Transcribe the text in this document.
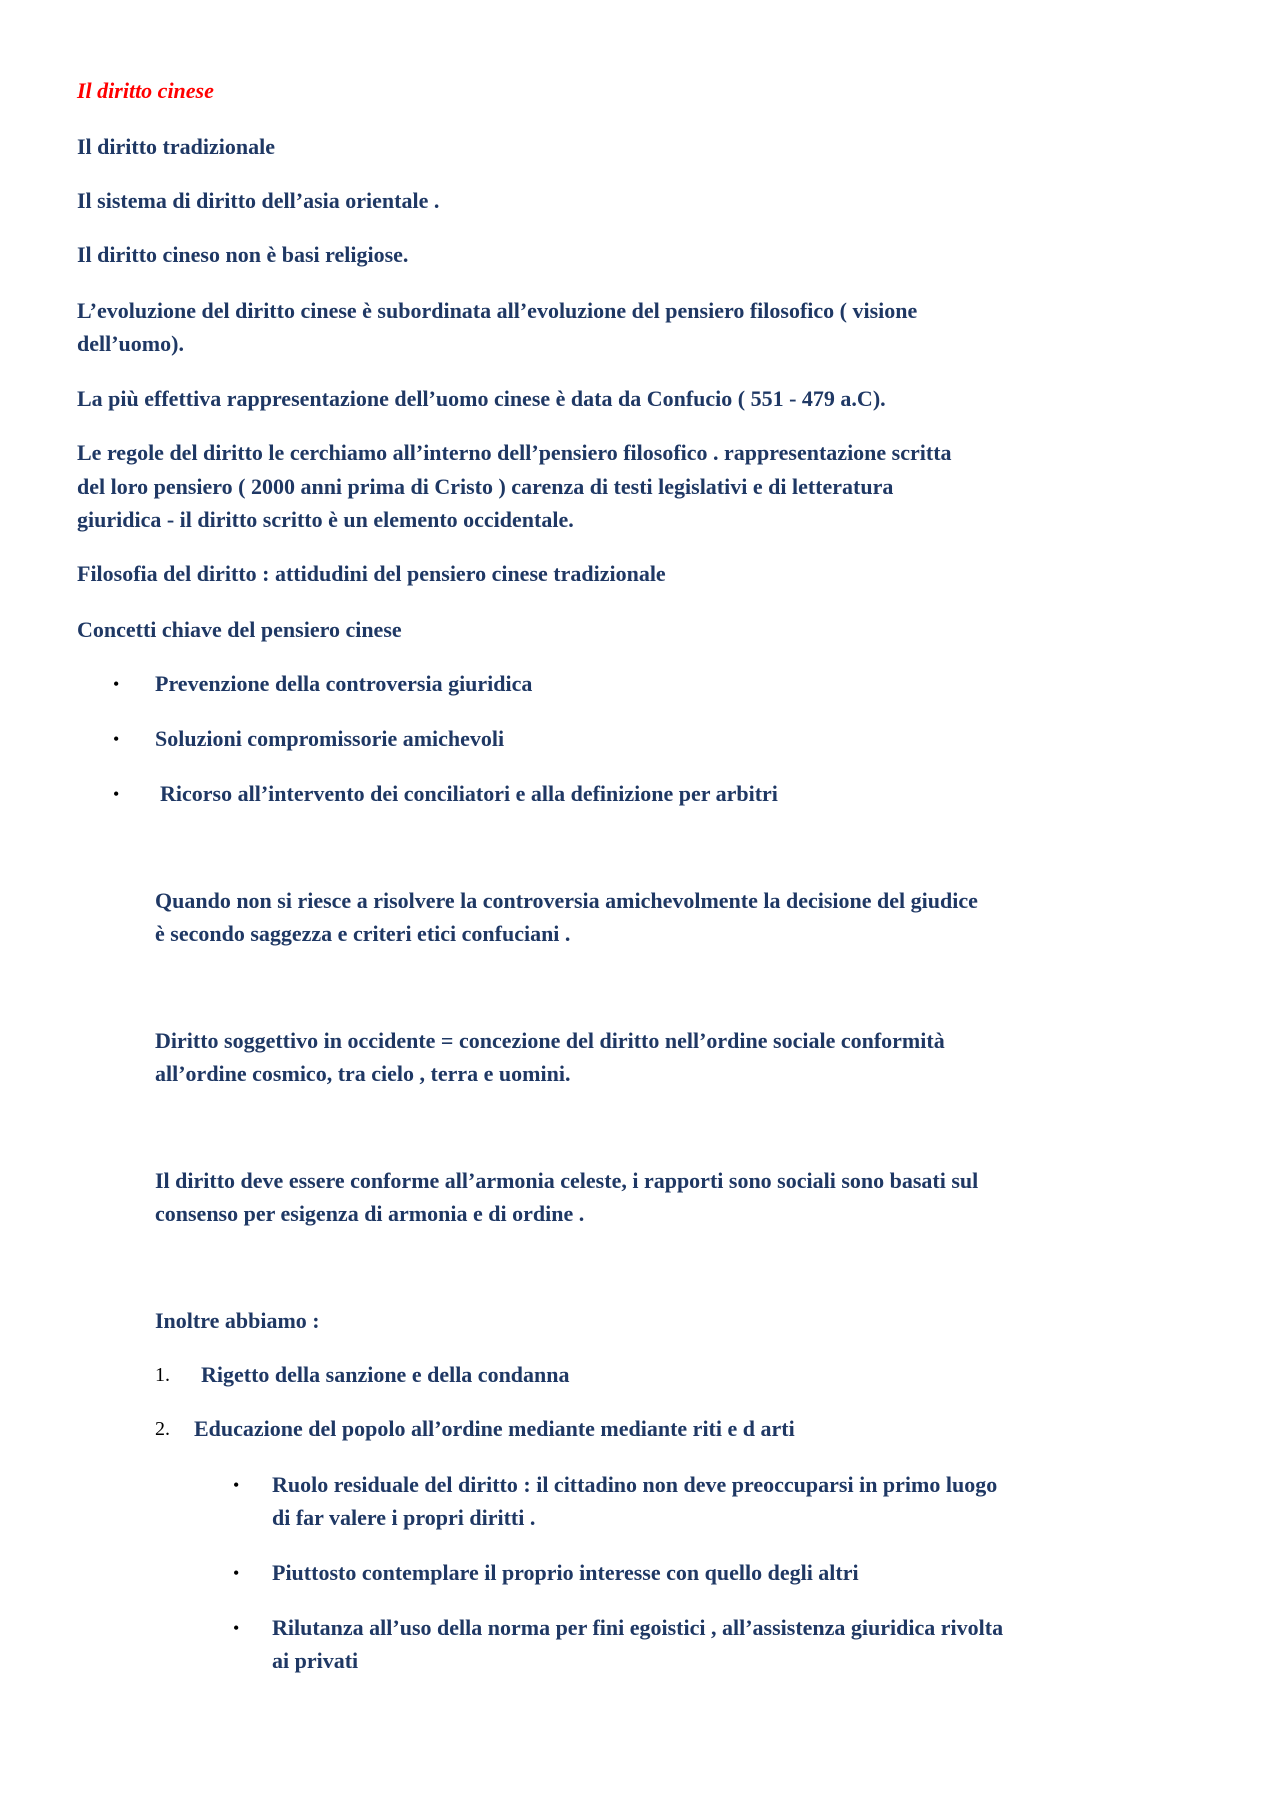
Il diritto cinese
Il diritto tradizionale
Il sistema di diritto dell’asia orientale .
Il diritto cineso non è basi religiose.
L’evoluzione del diritto cinese è subordinata all’evoluzione del pensiero filosofico ( visione
dell’uomo).
La più effettiva rappresentazione dell’uomo cinese è data da Confucio ( 551 - 479 a.C).
Le regole del diritto le cerchiamo all’interno dell’pensiero filosofico . rappresentazione scritta
del loro pensiero ( 2000 anni prima di Cristo ) carenza di testi legislativi e di letteratura
giuridica - il diritto scritto è un elemento occidentale.
Filosofia del diritto : attidudini del pensiero cinese tradizionale
Concetti chiave del pensiero cinese
• Prevenzione della controversia giuridica
• Soluzioni compromissorie amichevoli
• Ricorso all’intervento dei conciliatori e alla definizione per arbitri
Quando non si riesce a risolvere la controversia amichevolmente la decisione del giudice
è secondo saggezza e criteri etici confuciani .
Diritto soggettivo in occidente = concezione del diritto nell’ordine sociale conformità
all’ordine cosmico, tra cielo , terra e uomini.
Il diritto deve essere conforme all’armonia celeste, i rapporti sono sociali sono basati sul
consenso per esigenza di armonia e di ordine .
Inoltre abbiamo :
1. Rigetto della sanzione e della condanna
2. Educazione del popolo all’ordine mediante mediante riti e d arti
• Ruolo residuale del diritto : il cittadino non deve preoccuparsi in primo luogo
di far valere i propri diritti .
• Piuttosto contemplare il proprio interesse con quello degli altri
• Rilutanza all’uso della norma per fini egoistici , all’assistenza giuridica rivolta
ai privati
